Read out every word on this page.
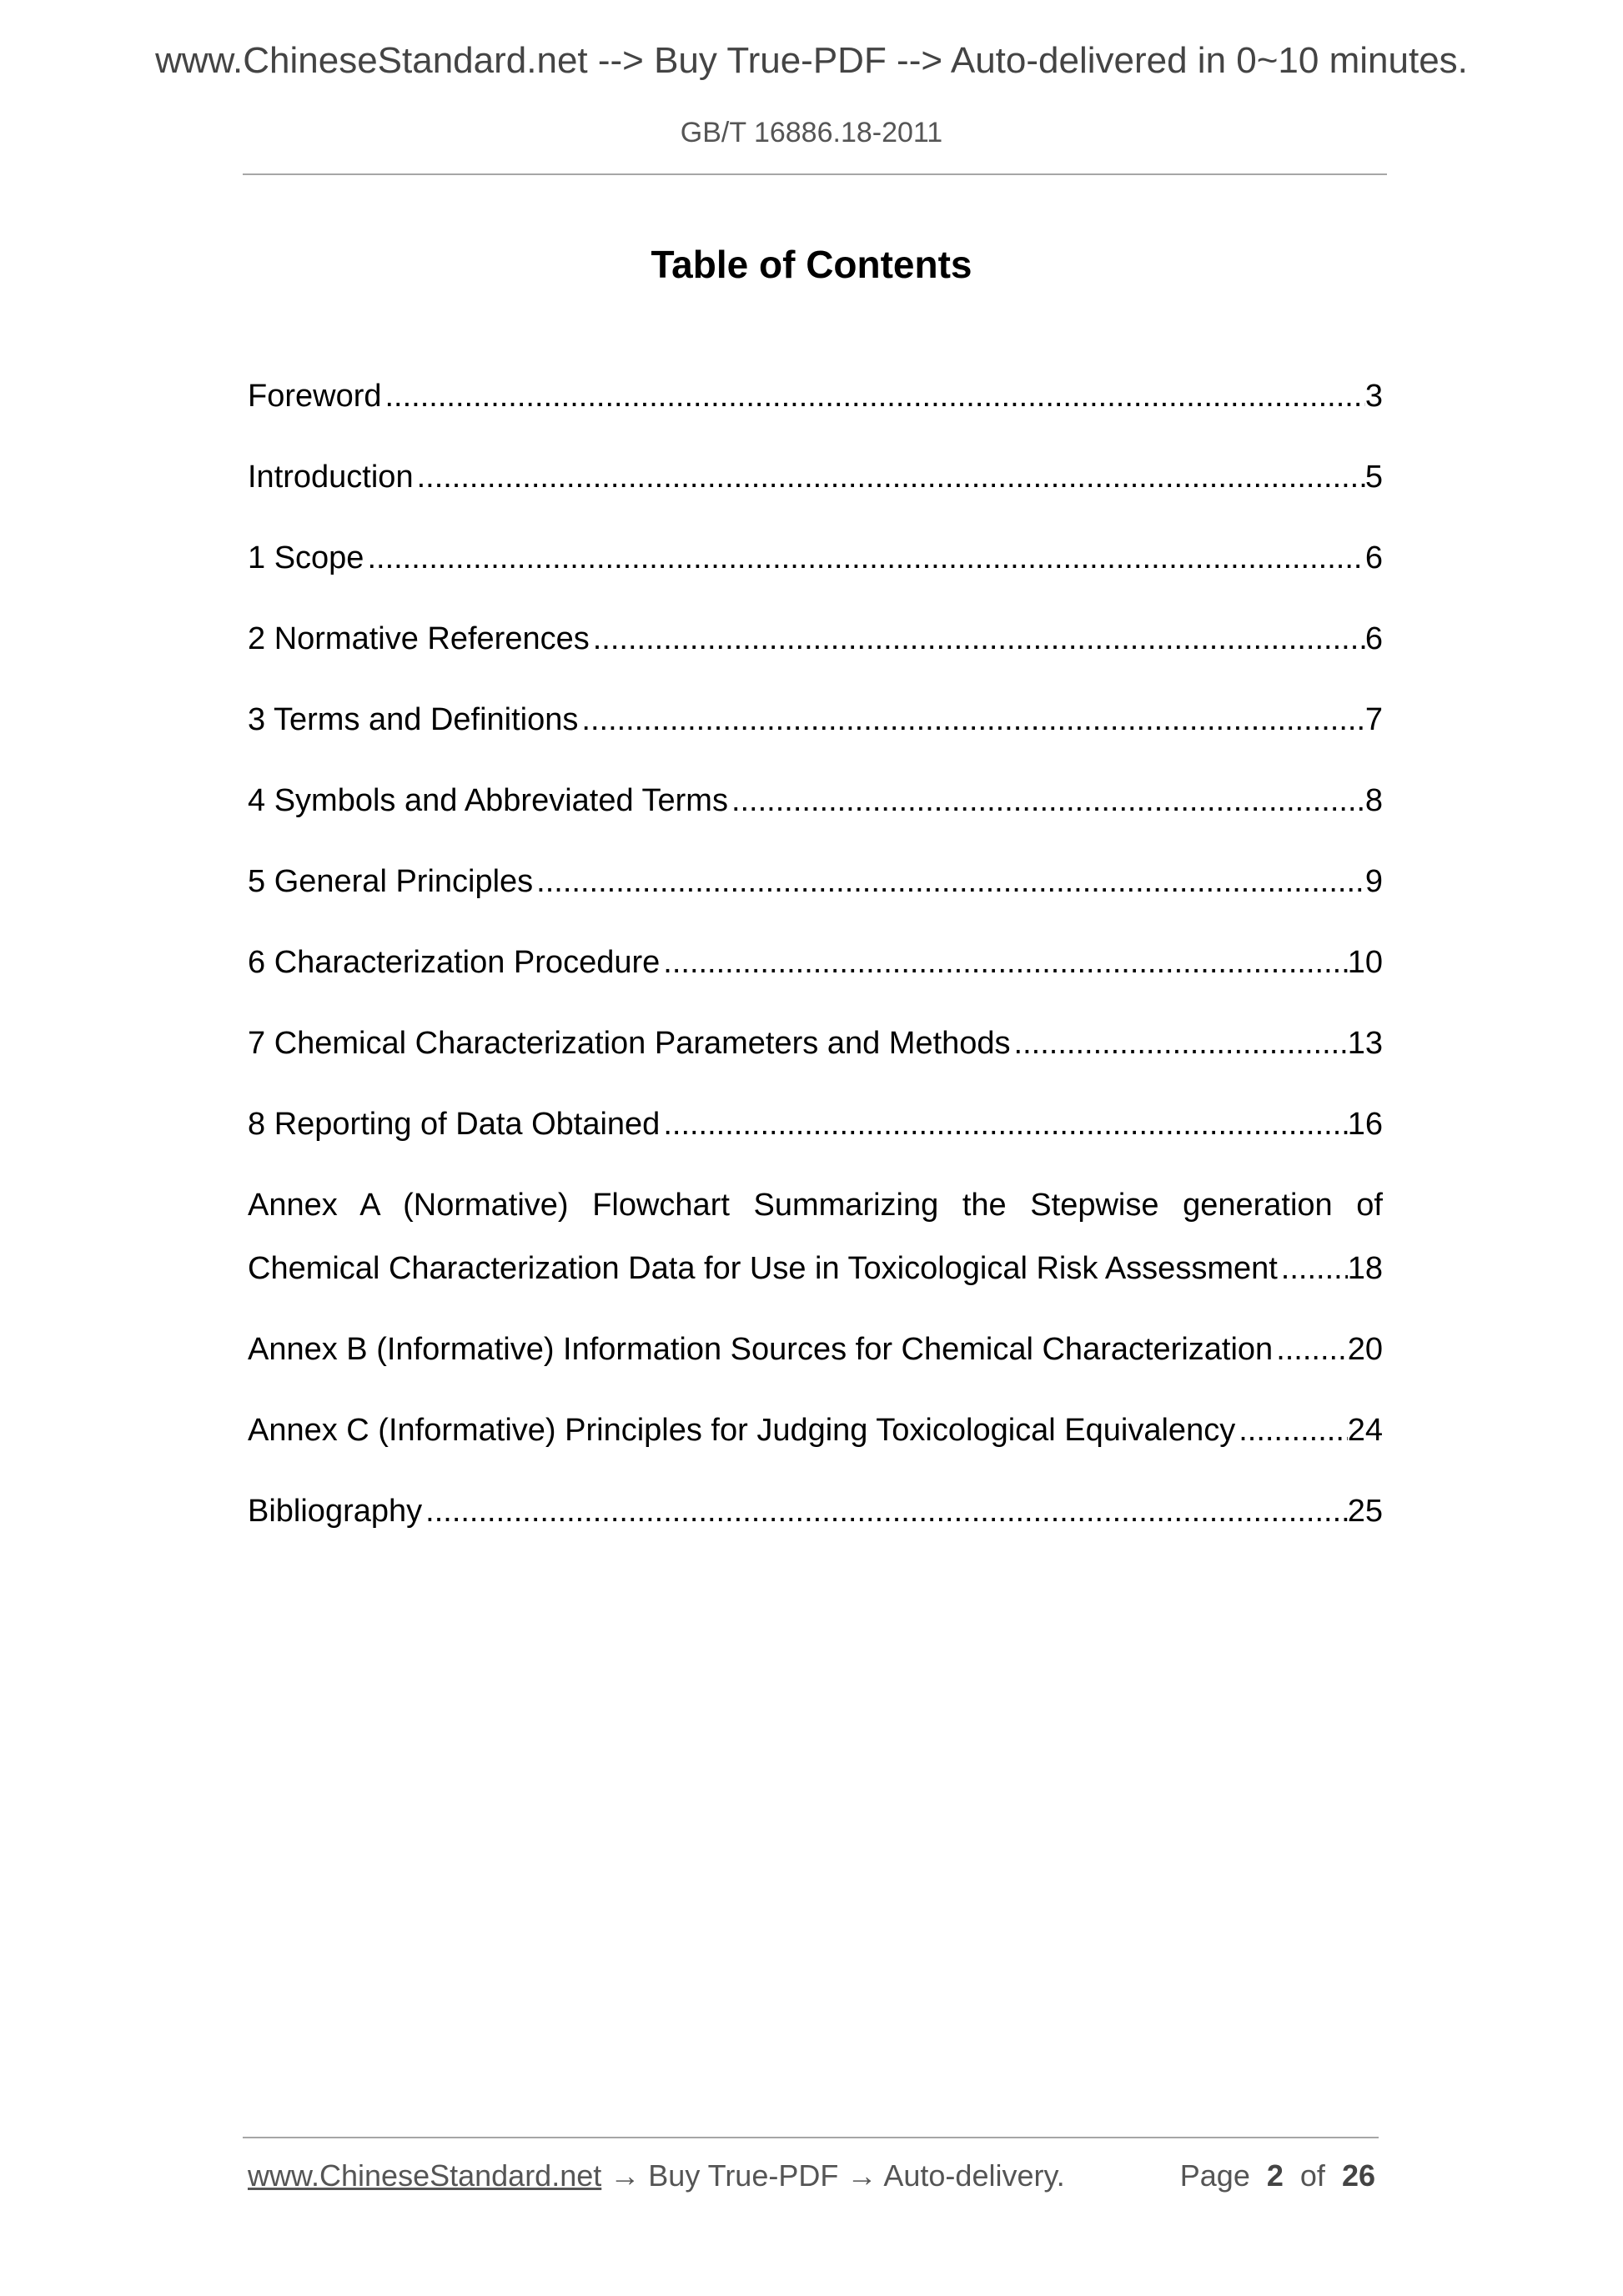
www.ChineseStandard.net --> Buy True-PDF --> Auto-delivered in 0~10 minutes.
GB/T 16886.18-2011
Table of Contents
Foreword .....	3
Introduction .....	5
1 Scope .....	6
2 Normative References .....	6
3 Terms and Definitions .....	7
4 Symbols and Abbreviated Terms .....	8
5 General Principles .....	9
6 Characterization Procedure .....	10
7 Chemical Characterization Parameters and Methods .....	13
8 Reporting of Data Obtained .....	16
Annex A (Normative) Flowchart Summarizing the Stepwise generation of
Chemical Characterization Data for Use in Toxicological Risk Assessment ..... 18
Annex B (Informative) Information Sources for Chemical Characterization ..... 20
Annex C (Informative) Principles for Judging Toxicological Equivalency .....	24
Bibliography .....	25
www.ChineseStandard.net → Buy True-PDF → Auto-delivery.	Page 2 of 26
